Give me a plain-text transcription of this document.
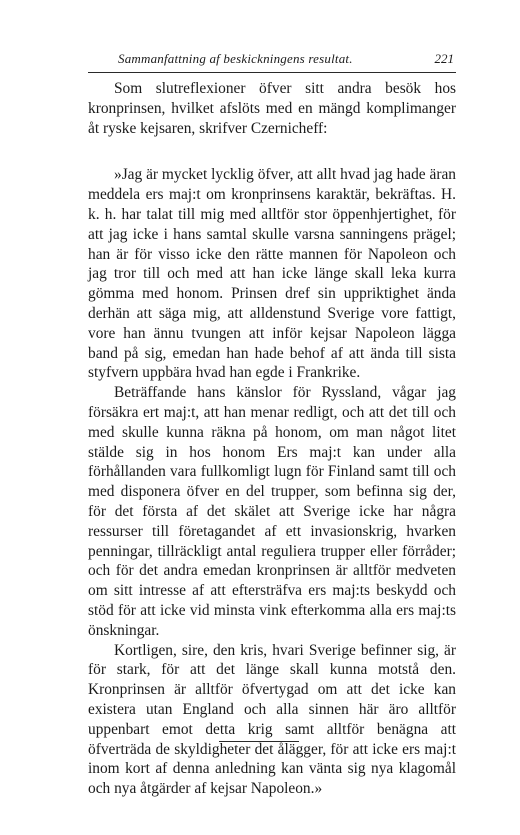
Sammanfattning af beskickningens resultat.	221

Som slutreflexioner öfver sitt andra besök hos kronprinsen, hvilket afslöts med en mängd komplimanger åt ryske kejsaren, skrifver Czernicheff:

»Jag är mycket lycklig öfver, att allt hvad jag hade äran meddela ers maj:t om kronprinsens karaktär, bekräftas. H. k. h. har talat till mig med alltför stor öppenhjertighet, för att jag icke i hans samtal skulle varsna sanningens prägel; han är för visso icke den rätte mannen för Napoleon och jag tror till och med att han icke länge skall leka kurra gömma med honom. Prinsen dref sin uppriktighet ända derhän att säga mig, att alldenstund Sverige vore fattigt, vore han ännu tvungen att inför kejsar Napoleon lägga band på sig, emedan han hade behof af att ända till sista styfvern uppbära hvad han egde i Frankrike.

Beträffande hans känslor för Ryssland, vågar jag försäkra ert maj:t, att han menar redligt, och att det till och med skulle kunna räkna på honom, om man något litet stälde sig in hos honom Ers maj:t kan under alla förhållanden vara fullkomligt lugn för Finland samt till och med disponera öfver en del trupper, som befinna sig der, för det första af det skälet att Sverige icke har några ressurser till företagandet af ett invasionskrig, hvarken penningar, tillräckligt antal reguliera trupper eller förråder; och för det andra emedan kronprinsen är alltför medveten om sitt intresse af att eftersträfva ers maj:ts beskydd och stöd för att icke vid minsta vink efterkomma alla ers maj:ts önskningar.

Kortligen, sire, den kris, hvari Sverige befinner sig, är för stark, för att det länge skall kunna motstå den. Kronprinsen är alltför öfvertygad om att det icke kan existera utan England och alla sinnen här äro alltför uppenbart emot detta krig samt alltför benägna att öfverträda de skyldigheter det ålägger, för att icke ers maj:t inom kort af denna anledning kan vänta sig nya klagomål och nya åtgärder af kejsar Napoleon.»
